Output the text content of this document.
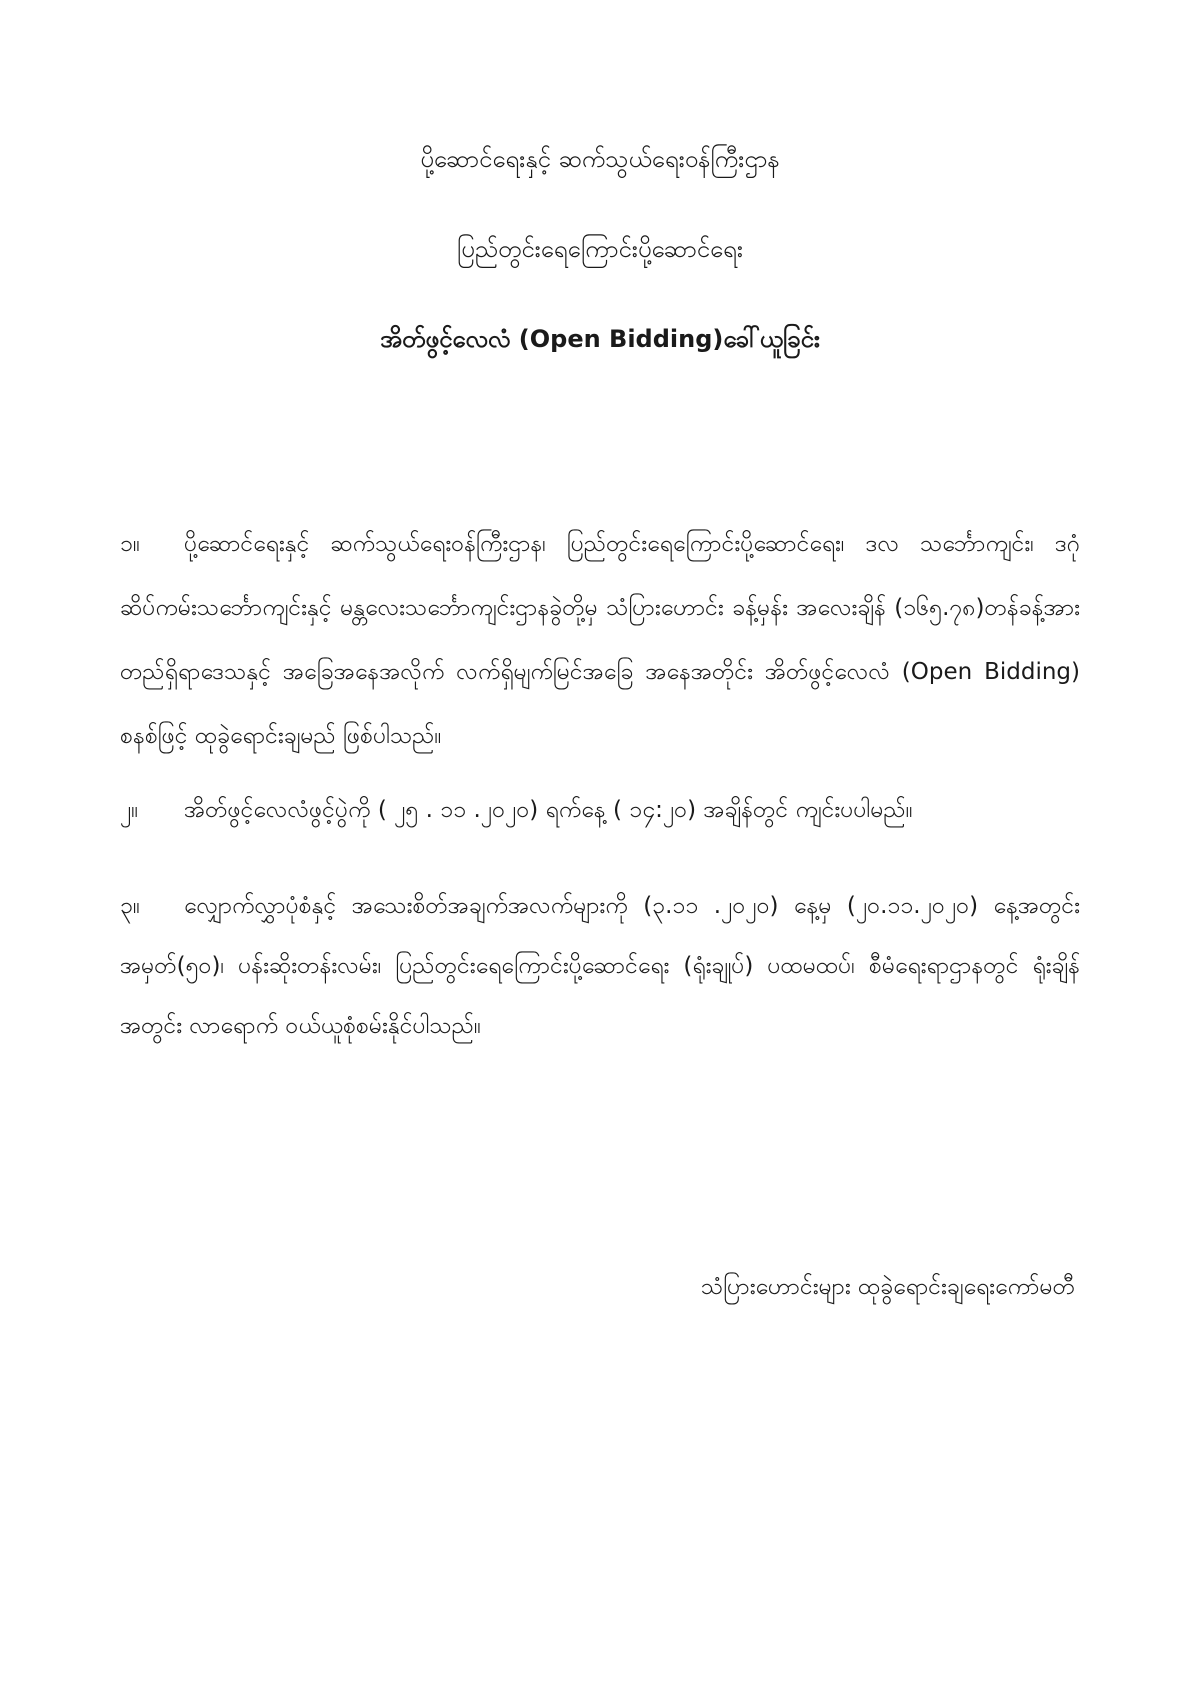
ပို့ဆောင်ရေးနှင့် ဆက်သွယ်ရေးဝန်ကြီးဌာန
ပြည်တွင်းရေကြောင်းပို့ဆောင်ရေး
အိတ်ဖွင့်လေလံ (Open Bidding)ခေါ်ယူခြင်း
၁။ ပို့ဆောင်ရေးနှင့် ဆက်သွယ်ရေးဝန်ကြီးဌာန၊ ပြည်တွင်းရေကြောင်းပို့ဆောင်ရေး၊ ဒလ သင်္ဘောကျင်း၊ ဒဂုံဆိပ်ကမ်းသင်္ဘောကျင်းနှင့် မန္တလေးသင်္ဘောကျင်းဌာနခွဲတို့မှ သံပြားဟောင်း ခန့်မှန်း အလေးချိန် (၁၆၅.၇၈)တန်ခန့်အား တည်ရှိရာဒေသနှင့် အခြေအနေအလိုက် လက်ရှိမျက်မြင်အခြေ အနေအတိုင်း အိတ်ဖွင့်လေလံ (Open Bidding) စနစ်ဖြင့် ထုခွဲရောင်းချမည် ဖြစ်ပါသည်။
၂။ အိတ်ဖွင့်လေလံဖွင့်ပွဲကို ( ၂၅ . ၁၁ .၂၀၂၀) ရက်နေ့ ( ၁၄:၂၀) အချိန်တွင် ကျင်းပပါမည်။
၃။ လျှောက်လွှာပုံစံနှင့် အသေးစိတ်အချက်အလက်များကို (၃.၁၁ .၂၀၂၀) နေ့မှ (၂၀.၁၁.၂၀၂၀) နေ့အတွင်း အမှတ်(၅၀)၊ ပန်းဆိုးတန်းလမ်း၊ ပြည်တွင်းရေကြောင်းပို့ဆောင်ရေး (ရုံးချုပ်) ပထမထပ်၊ စီမံရေးရာဌာနတွင် ရုံးချိန်အတွင်း လာရောက် ဝယ်ယူစုံစမ်းနိုင်ပါသည်။
သံပြားဟောင်းများ ထုခွဲရောင်းချရေးကော်မတီ
